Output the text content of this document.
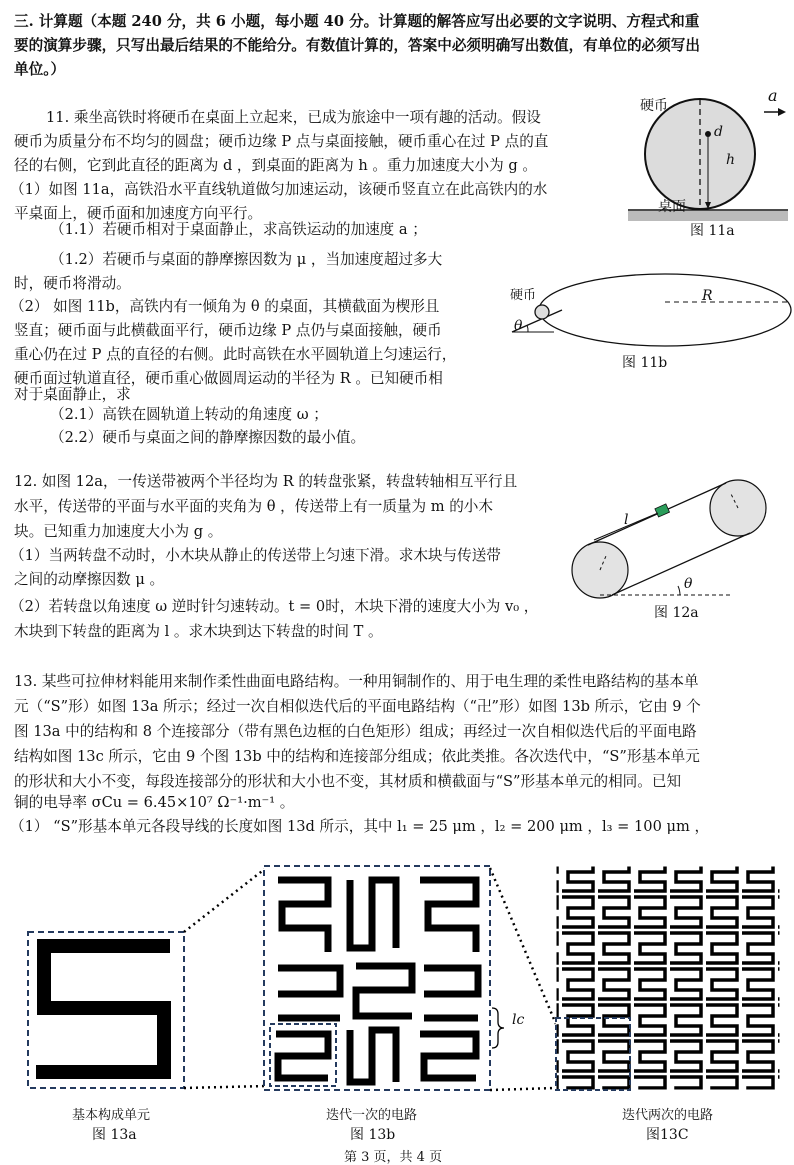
三. 计算题（本题 240 分，共 6 小题，每小题 40 分。计算题的解答应写出必要的文字说明、方程式和重
要的演算步骤，只写出最后结果的不能给分。有数值计算的，答案中必须明确写出数值，有单位的必须写出
单位。）
11. 乘坐高铁时将硬币在桌面上立起来，已成为旅途中一项有趣的活动。假设
硬币为质量分布不均匀的圆盘；硬币边缘 P 点与桌面接触，硬币重心在过 P 点的直
径的右侧，它到此直径的距离为 d ，到桌面的距离为 h 。重力加速度大小为 g 。
（1）如图 11a，高铁沿水平直线轨道做匀加速运动，该硬币竖直立在此高铁内的水
平桌面上，硬币面和加速度方向平行。
（1.1）若硬币相对于桌面静止，求高铁运动的加速度 a ；
（1.2）若硬币与桌面的静摩擦因数为 μ ，当加速度超过多大
时，硬币将滑动。
（2） 如图 11b，高铁内有一倾角为 θ 的桌面，其横截面为楔形且
竖直；硬币面与此横截面平行，硬币边缘 P 点仍与桌面接触，硬币
重心仍在过 P 点的直径的右侧。此时高铁在水平圆轨道上匀速运行，
硬币面过轨道直径，硬币重心做圆周运动的半径为 R 。已知硬币相
对于桌面静止，求
（2.1）高铁在圆轨道上转动的角速度 ω ；
（2.2）硬币与桌面之间的静摩擦因数的最小值。
硬币
a
d
h
桌面
图 11a
硬币
θ
R
图 11b
12. 如图 12a，一传送带被两个半径均为 R 的转盘张紧，转盘转轴相互平行且
水平，传送带的平面与水平面的夹角为 θ ，传送带上有一质量为 m 的小木
块。已知重力加速度大小为 g 。
（1）当两转盘不动时，小木块从静止的传送带上匀速下滑。求木块与传送带
之间的动摩擦因数 μ 。
（2）若转盘以角速度 ω 逆时针匀速转动。t = 0时，木块下滑的速度大小为 v₀ ，
木块到下转盘的距离为 l 。求木块到达下转盘的时间 T 。
l
θ
图 12a
13. 某些可拉伸材料能用来制作柔性曲面电路结构。一种用铜制作的、用于电生理的柔性电路结构的基本单
元（“S”形）如图 13a 所示；经过一次自相似迭代后的平面电路结构（“卍”形）如图 13b 所示，它由 9 个
图 13a 中的结构和 8 个连接部分（带有黑色边框的白色矩形）组成；再经过一次自相似迭代后的平面电路
结构如图 13c 所示，它由 9 个图 13b 中的结构和连接部分组成；依此类推。各次迭代中，“S”形基本单元
的形状和大小不变，每段连接部分的形状和大小也不变，其材质和横截面与“S”形基本单元的相同。已知
铜的电导率 σCu = 6.45×10⁷ Ω⁻¹·m⁻¹ 。
（1） “S”形基本单元各段导线的长度如图 13d 所示，其中 l₁ = 25 μm ，l₂ = 200 μm ，l₃ = 100 μm ，
lc
基本构成单元
图 13a
迭代一次的电路
图 13b
迭代两次的电路
图13C
第 3 页，共 4 页
